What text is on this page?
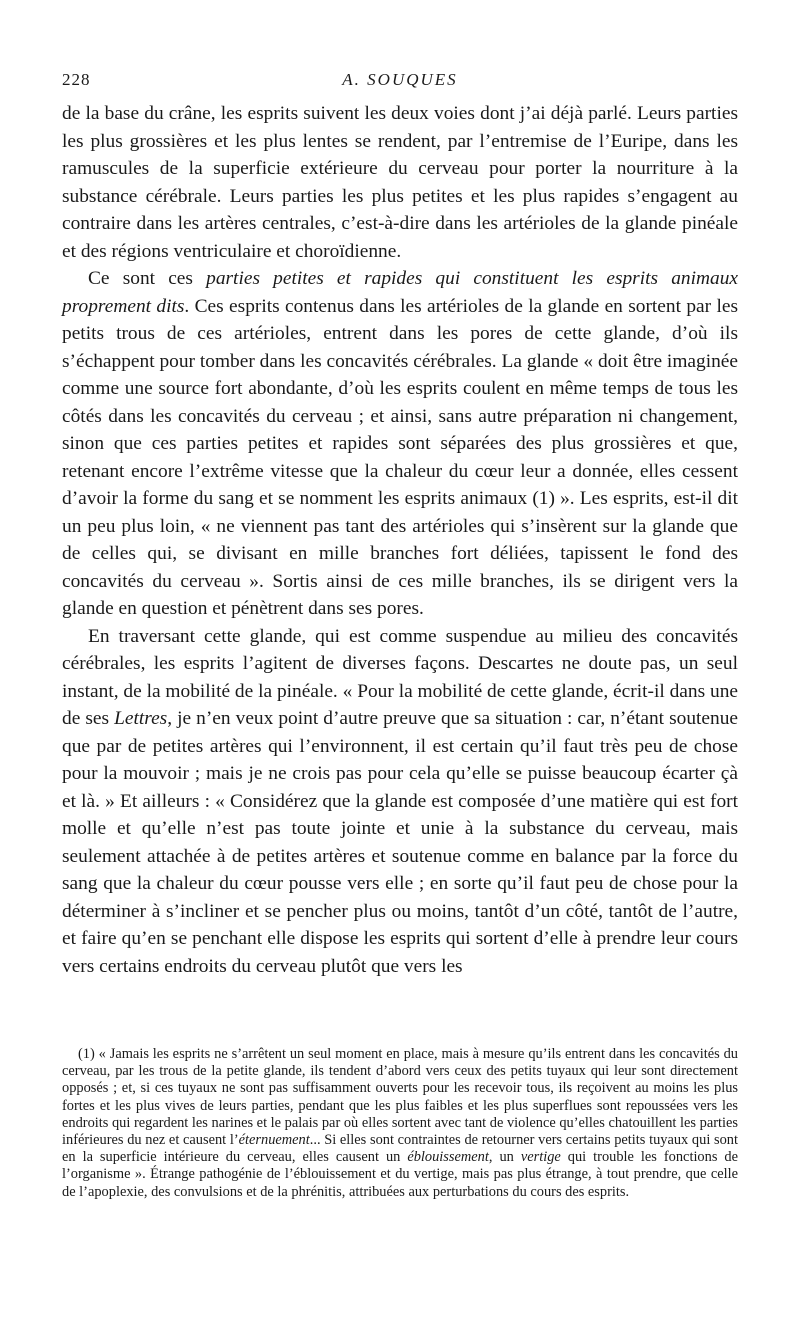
228	A. SOUQUES

de la base du crâne, les esprits suivent les deux voies dont j’ai déjà parlé. Leurs parties les plus grossières et les plus lentes se rendent, par l’entremise de l’Euripe, dans les ramuscules de la superficie extérieure du cerveau pour porter la nourriture à la substance cérébrale. Leurs parties les plus petites et les plus rapides s’engagent au contraire dans les artères centrales, c’est-à-dire dans les artérioles de la glande pinéale et des régions ventriculaire et choroïdienne.

Ce sont ces parties petites et rapides qui constituent les esprits animaux proprement dits. Ces esprits contenus dans les artérioles de la glande en sortent par les petits trous de ces artérioles, entrent dans les pores de cette glande, d’où ils s’échappent pour tomber dans les concavités cérébrales. La glande « doit être imaginée comme une source fort abondante, d’où les esprits coulent en même temps de tous les côtés dans les concavités du cerveau ; et ainsi, sans autre préparation ni changement, sinon que ces parties petites et rapides sont séparées des plus grossières et que, retenant encore l’extrême vitesse que la chaleur du cœur leur a donnée, elles cessent d’avoir la forme du sang et se nomment les esprits animaux (1) ». Les esprits, est-il dit un peu plus loin, « ne viennent pas tant des artérioles qui s’insèrent sur la glande que de celles qui, se divisant en mille branches fort déliées, tapissent le fond des concavités du cerveau ». Sortis ainsi de ces mille branches, ils se dirigent vers la glande en question et pénètrent dans ses pores.

En traversant cette glande, qui est comme suspendue au milieu des concavités cérébrales, les esprits l’agitent de diverses façons. Descartes ne doute pas, un seul instant, de la mobilité de la pinéale. « Pour la mobilité de cette glande, écrit-il dans une de ses Lettres, je n’en veux point d’autre preuve que sa situation : car, n’étant soutenue que par de petites artères qui l’environnent, il est certain qu’il faut très peu de chose pour la mouvoir ; mais je ne crois pas pour cela qu’elle se puisse beaucoup écarter çà et là. » Et ailleurs : « Considérez que la glande est composée d’une matière qui est fort molle et qu’elle n’est pas toute jointe et unie à la substance du cerveau, mais seulement attachée à de petites artères et soutenue comme en balance par la force du sang que la chaleur du cœur pousse vers elle ; en sorte qu’il faut peu de chose pour la déterminer à s’incliner et se pencher plus ou moins, tantôt d’un côté, tantôt de l’autre, et faire qu’en se penchant elle dispose les esprits qui sortent d’elle à prendre leur cours vers certains endroits du cerveau plutôt que vers les

(1) « Jamais les esprits ne s’arrêtent un seul moment en place, mais à mesure qu’ils entrent dans les concavités du cerveau, par les trous de la petite glande, ils tendent d’abord vers ceux des petits tuyaux qui leur sont directement opposés ; et, si ces tuyaux ne sont pas suffisamment ouverts pour les recevoir tous, ils reçoivent au moins les plus fortes et les plus vives de leurs parties, pendant que les plus faibles et les plus superflues sont repoussées vers les endroits qui regardent les narines et le palais par où elles sortent avec tant de violence qu’elles chatouillent les parties inférieures du nez et causent l’éternuement... Si elles sont contraintes de retourner vers certains petits tuyaux qui sont en la superficie intérieure du cerveau, elles causent un éblouissement, un vertige qui trouble les fonctions de l’organisme ». Étrange pathogénie de l’éblouissement et du vertige, mais pas plus étrange, à tout prendre, que celle de l’apoplexie, des convulsions et de la phrénitis, attribuées aux perturbations du cours des esprits.
